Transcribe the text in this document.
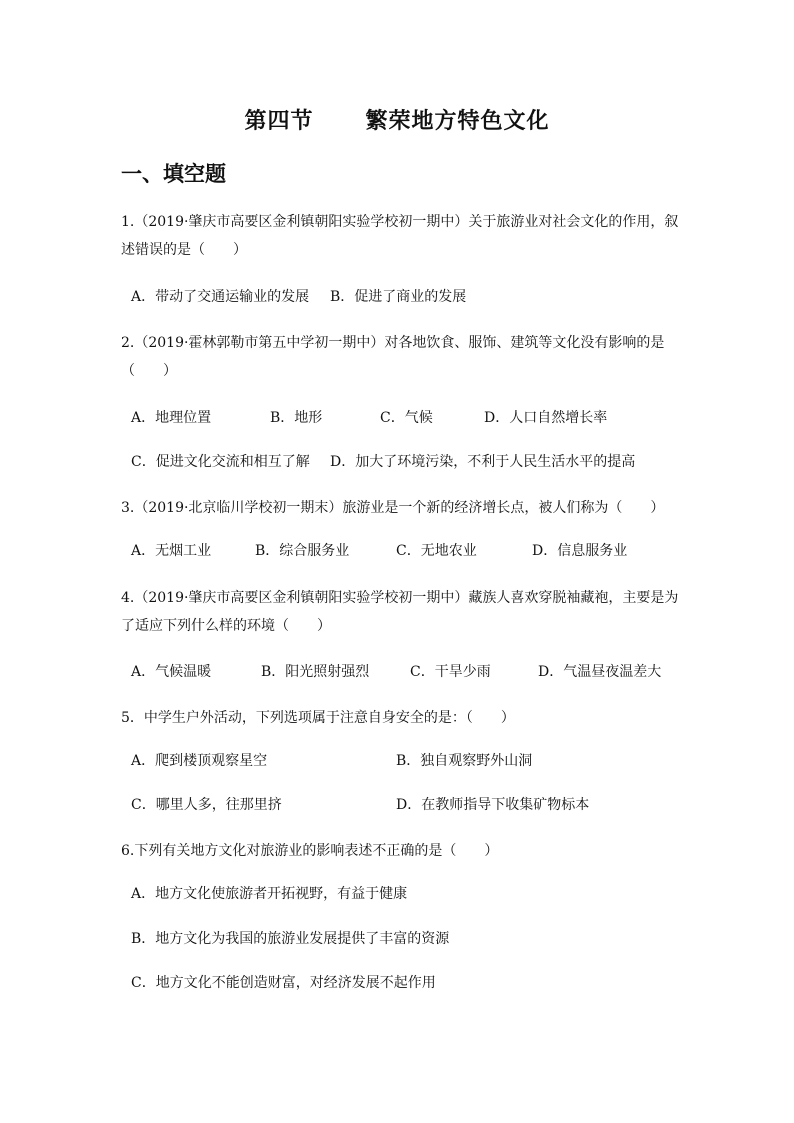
第四节      繁荣地方特色文化
一、填空题
1.（2019·肇庆市高要区金利镇朝阳实验学校初一期中）关于旅游业对社会文化的作用，叙述错误的是（　　）
A．带动了交通运输业的发展 B．促进了商业的发展
2.（2019·霍林郭勒市第五中学初一期中）对各地饮食、服饰、建筑等文化没有影响的是（　　）
A．地理位置	B．地形	C．气候	D．人口自然增长率
C．促进文化交流和相互了解 D．加大了环境污染，不利于人民生活水平的提高
3.（2019·北京临川学校初一期末）旅游业是一个新的经济增长点，被人们称为（　　）
A．无烟工业	B．综合服务业	C．无地农业	D．信息服务业
4.（2019·肇庆市高要区金利镇朝阳实验学校初一期中）藏族人喜欢穿脱袖藏袍，主要是为了适应下列什么样的环境（　　）
A．气候温暖	B．阳光照射强烈	C．干旱少雨	D．气温昼夜温差大
5．中学生户外活动，下列选项属于注意自身安全的是：（　　）
A．爬到楼顶观察星空	B．独自观察野外山洞
C．哪里人多，往那里挤	D．在教师指导下收集矿物标本
6.下列有关地方文化对旅游业的影响表述不正确的是（　　）
A．地方文化使旅游者开拓视野，有益于健康
B．地方文化为我国的旅游业发展提供了丰富的资源
C．地方文化不能创造财富，对经济发展不起作用
